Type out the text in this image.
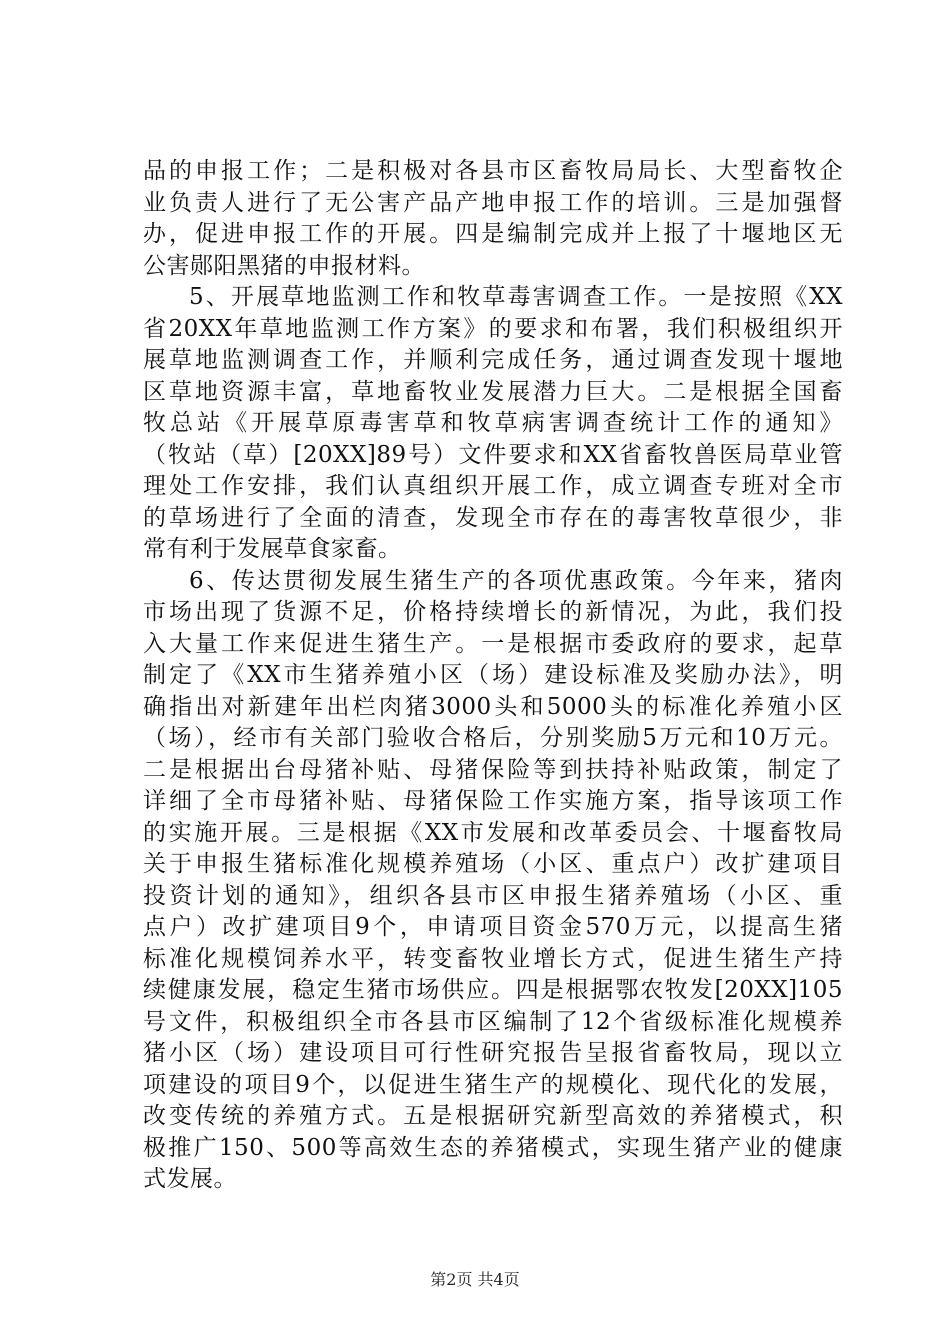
品的申报工作；二是积极对各县市区畜牧局局长、大型畜牧企
业负责人进行了无公害产品产地申报工作的培训。三是加强督
办，促进申报工作的开展。四是编制完成并上报了十堰地区无
公害郧阳黑猪的申报材料。
5、开展草地监测工作和牧草毒害调查工作。一是按照《XX
省20XX年草地监测工作方案》的要求和布署，我们积极组织开
展草地监测调查工作，并顺利完成任务，通过调查发现十堰地
区草地资源丰富，草地畜牧业发展潜力巨大。二是根据全国畜
牧总站《开展草原毒害草和牧草病害调查统计工作的通知》
（牧站（草）[20XX]89号）文件要求和XX省畜牧兽医局草业管
理处工作安排，我们认真组织开展工作，成立调查专班对全市
的草场进行了全面的清查，发现全市存在的毒害牧草很少，非
常有利于发展草食家畜。
6、传达贯彻发展生猪生产的各项优惠政策。今年来，猪肉
市场出现了货源不足，价格持续增长的新情况，为此，我们投
入大量工作来促进生猪生产。一是根据市委政府的要求，起草
制定了《XX市生猪养殖小区（场）建设标准及奖励办法》，明
确指出对新建年出栏肉猪3000头和5000头的标准化养殖小区
（场），经市有关部门验收合格后，分别奖励5万元和10万元。
二是根据出台母猪补贴、母猪保险等到扶持补贴政策，制定了
详细了全市母猪补贴、母猪保险工作实施方案，指导该项工作
的实施开展。三是根据《XX市发展和改革委员会、十堰畜牧局
关于申报生猪标准化规模养殖场（小区、重点户）改扩建项目
投资计划的通知》，组织各县市区申报生猪养殖场（小区、重
点户）改扩建项目9个，申请项目资金570万元，以提高生猪
标准化规模饲养水平，转变畜牧业增长方式，促进生猪生产持
续健康发展，稳定生猪市场供应。四是根据鄂农牧发[20XX]105
号文件，积极组织全市各县市区编制了12个省级标准化规模养
猪小区（场）建设项目可行性研究报告呈报省畜牧局，现以立
项建设的项目9个，以促进生猪生产的规模化、现代化的发展，
改变传统的养殖方式。五是根据研究新型高效的养猪模式，积
极推广150、500等高效生态的养猪模式，实现生猪产业的健康
式发展。
第2页 共4页
